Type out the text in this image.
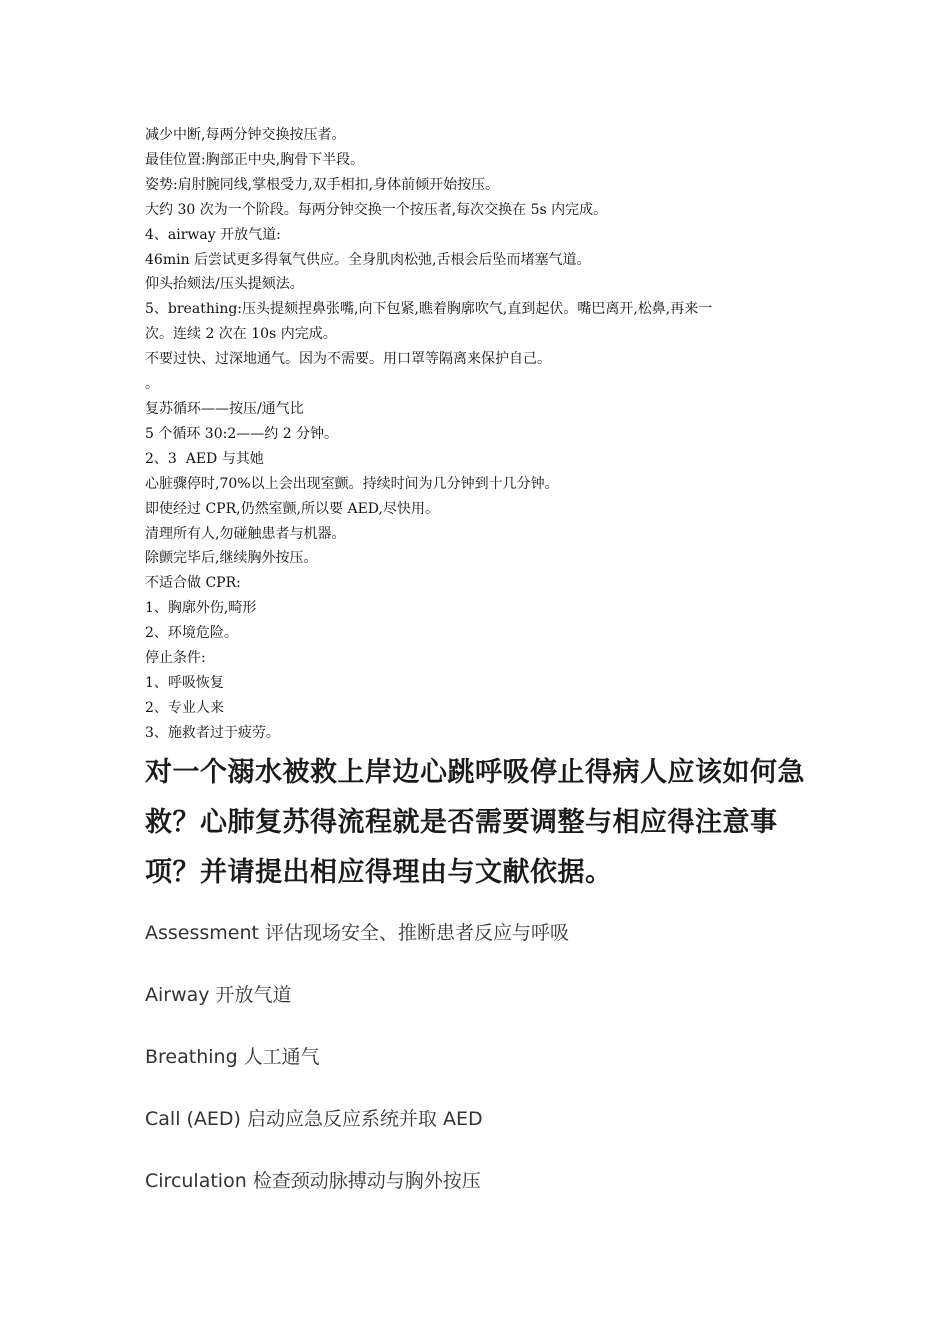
减少中断,每两分钟交换按压者。

最佳位置:胸部正中央,胸骨下半段。

姿势:肩肘腕同线,掌根受力,双手相扣,身体前倾开始按压。

大约 30 次为一个阶段。每两分钟交换一个按压者,每次交换在 5s 内完成。

4、airway 开放气道:

46min 后尝试更多得氧气供应。全身肌肉松弛,舌根会后坠而堵塞气道。

仰头抬颏法/压头提颏法。

5、breathing:压头提颏捏鼻张嘴,向下包紧,瞧着胸廓吹气,直到起伏。嘴巴离开,松鼻,再来一

次。连续 2 次在 10s 内完成。

不要过快、过深地通气。因为不需要。用口罩等隔离来保护自己。

。

复苏循环——按压/通气比

5 个循环 30:2——约 2 分钟。

2、3  AED 与其她

心脏骤停时,70%以上会出现室颤。持续时间为几分钟到十几分钟。

即使经过 CPR,仍然室颤,所以要 AED,尽快用。

清理所有人,勿碰触患者与机器。

除颤完毕后,继续胸外按压。

不适合做 CPR:

1、胸廓外伤,畸形

2、环境危险。

停止条件:

1、呼吸恢复

2、专业人来

3、施救者过于疲劳。

对一个溺水被救上岸边心跳呼吸停止得病人应该如何急救？心肺复苏得流程就是否需要调整与相应得注意事项？并请提出相应得理由与文献依据。

Assessment 评估现场安全、推断患者反应与呼吸

Airway 开放气道

Breathing 人工通气

Call (AED) 启动应急反应系统并取 AED

Circulation 检查颈动脉搏动与胸外按压
